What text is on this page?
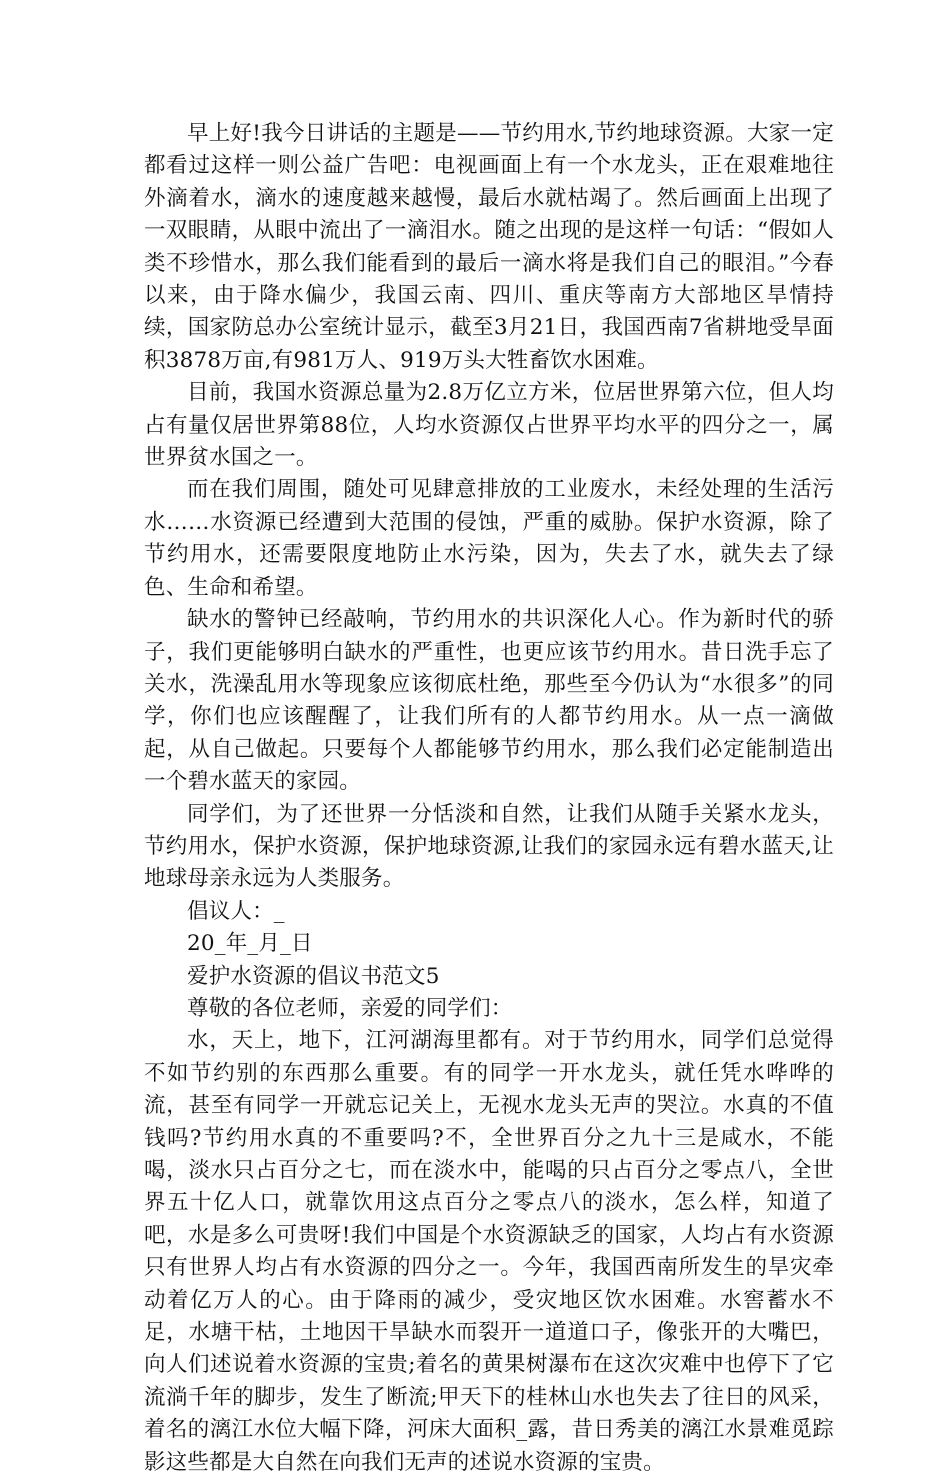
早上好!我今日讲话的主题是——节约用水,节约地球资源。大家一定都看过这样一则公益广告吧：电视画面上有一个水龙头，正在艰难地往外滴着水，滴水的速度越来越慢，最后水就枯竭了。然后画面上出现了一双眼睛，从眼中流出了一滴泪水。随之出现的是这样一句话：“假如人类不珍惜水，那么我们能看到的最后一滴水将是我们自己的眼泪。”今春以来，由于降水偏少，我国云南、四川、重庆等南方大部地区旱情持续，国家防总办公室统计显示，截至3月21日，我国西南7省耕地受旱面积3878万亩,有981万人、919万头大牲畜饮水困难。

目前，我国水资源总量为2.8万亿立方米，位居世界第六位，但人均占有量仅居世界第88位，人均水资源仅占世界平均水平的四分之一，属世界贫水国之一。

而在我们周围，随处可见肆意排放的工业废水，未经处理的生活污水……水资源已经遭到大范围的侵蚀，严重的威胁。保护水资源，除了节约用水，还需要限度地防止水污染，因为，失去了水，就失去了绿色、生命和希望。

缺水的警钟已经敲响，节约用水的共识深化人心。作为新时代的骄子，我们更能够明白缺水的严重性，也更应该节约用水。昔日洗手忘了关水，洗澡乱用水等现象应该彻底杜绝，那些至今仍认为“水很多”的同学，你们也应该醒醒了，让我们所有的人都节约用水。从一点一滴做起，从自己做起。只要每个人都能够节约用水，那么我们必定能制造出一个碧水蓝天的家园。

同学们，为了还世界一分恬淡和自然，让我们从随手关紧水龙头，节约用水，保护水资源，保护地球资源,让我们的家园永远有碧水蓝天,让地球母亲永远为人类服务。

倡议人：_

20_年_月_日

爱护水资源的倡议书范文5

尊敬的各位老师，亲爱的同学们：

水，天上，地下，江河湖海里都有。对于节约用水，同学们总觉得不如节约别的东西那么重要。有的同学一开水龙头，就任凭水哗哗的流，甚至有同学一开就忘记关上，无视水龙头无声的哭泣。水真的不值钱吗?节约用水真的不重要吗?不，全世界百分之九十三是咸水，不能喝，淡水只占百分之七，而在淡水中，能喝的只占百分之零点八，全世界五十亿人口，就靠饮用这点百分之零点八的淡水，怎么样，知道了吧，水是多么可贵呀!我们中国是个水资源缺乏的国家，人均占有水资源只有世界人均占有水资源的四分之一。今年，我国西南所发生的旱灾牵动着亿万人的心。由于降雨的减少，受灾地区饮水困难。水窖蓄水不足，水塘干枯，土地因干旱缺水而裂开一道道口子，像张开的大嘴巴，向人们述说着水资源的宝贵;着名的黄果树瀑布在这次灾难中也停下了它流淌千年的脚步，发生了断流;甲天下的桂林山水也失去了往日的风采，着名的漓江水位大幅下降，河床大面积_露，昔日秀美的漓江水景难觅踪影这些都是大自然在向我们无声的述说水资源的宝贵。
